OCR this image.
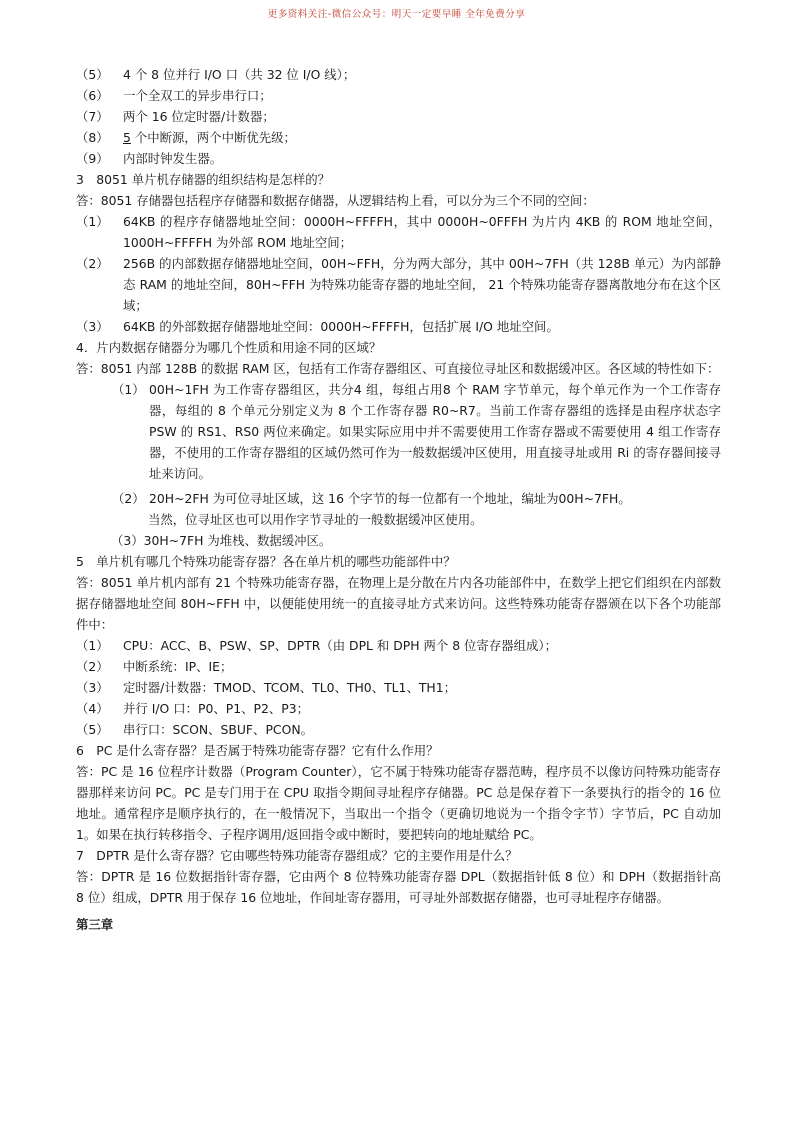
更多资料关注-微信公众号：明天一定要早睡 全年免费分享
（5） 4 个 8 位并行 I/O 口（共 32 位 I/O 线）；
（6） 一个全双工的异步串行口；
（7） 两个 16 位定时器/计数器；
（8） 5 个中断源，两个中断优先级；
（9） 内部时钟发生器。
3　8051 单片机存储器的组织结构是怎样的？
答：8051 存储器包括程序存储器和数据存储器，从逻辑结构上看，可以分为三个不同的空间：
（1）	64KB 的程序存储器地址空间：0000H~FFFFH，其中 0000H~0FFFH 为片内 4KB 的 ROM 地址空间，1000H~FFFFH 为外部 ROM 地址空间；
（2）	256B 的内部数据存储器地址空间，00H~FFH，分为两大部分，其中 00H~7FH（共 128B 单元）为内部静态 RAM 的地址空间，80H~FFH 为特殊功能寄存器的地址空间， 21 个特殊功能寄存器离散地分布在这个区域；
（3）	64KB 的外部数据存储器地址空间：0000H~FFFFH，包括扩展 I/O 地址空间。
4．片内数据存储器分为哪几个性质和用途不同的区域？
答：8051 内部 128B 的数据 RAM 区，包括有工作寄存器组区、可直接位寻址区和数据缓冲区。各区域的特性如下：
（1） 00H~1FH 为工作寄存器组区，共分4 组，每组占用8 个 RAM 字节单元，每个单元作为一个工作寄存器，每组的 8 个单元分别定义为 8 个工作寄存器 R0~R7。当前工作寄存器组的选择是由程序状态字 PSW 的 RS1、RS0 两位来确定。如果实际应用中并不需要使用工作寄存器或不需要使用 4 组工作寄存器，不使用的工作寄存器组的区域仍然可作为一般数据缓冲区使用，用直接寻址或用 Ri 的寄存器间接寻址来访问。
（2） 20H~2FH 为可位寻址区域，这 16 个字节的每一位都有一个地址，编址为00H~7FH。
当然，位寻址区也可以用作字节寻址的一般数据缓冲区使用。
（3）30H~7FH 为堆栈、数据缓冲区。
5　单片机有哪几个特殊功能寄存器？各在单片机的哪些功能部件中？
答：8051 单片机内部有 21 个特殊功能寄存器，在物理上是分散在片内各功能部件中，在数学上把它们组织在内部数据存储器地址空间 80H~FFH 中，以便能使用统一的直接寻址方式来访问。这些特殊功能寄存器颁在以下各个功能部件中：
（1） CPU：ACC、B、PSW、SP、DPTR（由 DPL 和 DPH 两个 8 位寄存器组成）；
（2） 中断系统：IP、IE；
（3） 定时器/计数器：TMOD、TCOM、TL0、TH0、TL1、TH1；
（4） 并行 I/O 口：P0、P1、P2、P3；
（5） 串行口：SCON、SBUF、PCON。
6　PC 是什么寄存器？是否属于特殊功能寄存器？它有什么作用？
答：PC 是 16 位程序计数器（Program Counter），它不属于特殊功能寄存器范畴，程序员不以像访问特殊功能寄存器那样来访问 PC。PC 是专门用于在 CPU 取指令期间寻址程序存储器。PC 总是保存着下一条要执行的指令的 16 位地址。通常程序是顺序执行的，在一般情况下，当取出一个指令（更确切地说为一个指令字节）字节后，PC 自动加 1。如果在执行转移指令、子程序调用/返回指令或中断时，要把转向的地址赋给 PC。
7　DPTR 是什么寄存器？它由哪些特殊功能寄存器组成？它的主要作用是什么？
答：DPTR 是 16 位数据指针寄存器，它由两个 8 位特殊功能寄存器 DPL（数据指针低 8 位）和 DPH（数据指针高 8 位）组成，DPTR 用于保存 16 位地址，作间址寄存器用，可寻址外部数据存储器，也可寻址程序存储器。
第三章
